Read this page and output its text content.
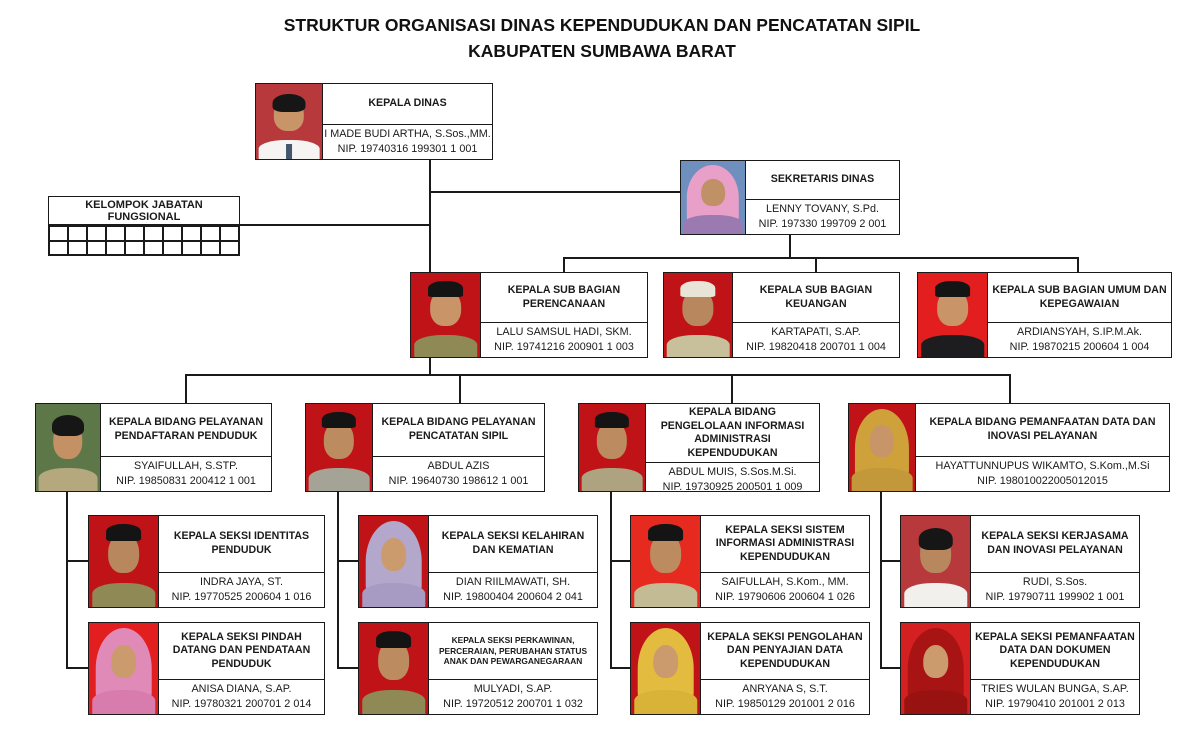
STRUKTUR ORGANISASI DINAS KEPENDUDUKAN DAN PENCATATAN SIPIL
KABUPATEN SUMBAWA BARAT
KELOMPOK JABATAN FUNGSIONAL
KEPALA DINAS
I MADE BUDI ARTHA, S.Sos.,MM.
NIP. 19740316 199301 1 001
SEKRETARIS DINAS
LENNY TOVANY, S.Pd.
NIP. 197330 199709 2 001
KEPALA SUB BAGIAN PERENCANAAN
LALU SAMSUL HADI, SKM.
NIP. 19741216 200901 1 003
KEPALA SUB BAGIAN KEUANGAN
KARTAPATI, S.AP.
NIP. 19820418 200701 1 004
KEPALA SUB BAGIAN UMUM DAN KEPEGAWAIAN
ARDIANSYAH, S.IP.M.Ak.
NIP. 19870215 200604 1 004
KEPALA BIDANG PELAYANAN PENDAFTARAN PENDUDUK
SYAIFULLAH, S.STP.
NIP. 19850831 200412 1 001
KEPALA BIDANG PELAYANAN PENCATATAN SIPIL
ABDUL AZIS
NIP. 19640730 198612 1 001
KEPALA BIDANG PENGELOLAAN INFORMASI ADMINISTRASI KEPENDUDUKAN
ABDUL MUIS, S.Sos.M.Si.
NIP. 19730925 200501 1 009
KEPALA BIDANG PEMANFAATAN DATA DAN INOVASI PELAYANAN
HAYATTUNNUPUS WIKAMTO, S.Kom.,M.Si
NIP. 198010022005012015
KEPALA SEKSI IDENTITAS PENDUDUK
INDRA JAYA, ST.
NIP. 19770525 200604 1 016
KEPALA SEKSI KELAHIRAN DAN KEMATIAN
DIAN RIILMAWATI, SH.
NIP. 19800404 200604 2 041
KEPALA SEKSI SISTEM INFORMASI ADMINISTRASI KEPENDUDUKAN
SAIFULLAH, S.Kom., MM.
NIP. 19790606 200604 1 026
KEPALA SEKSI KERJASAMA DAN INOVASI PELAYANAN
RUDI, S.Sos.
NIP. 19790711 199902 1 001
KEPALA SEKSI PINDAH DATANG DAN PENDATAAN PENDUDUK
ANISA DIANA, S.AP.
NIP. 19780321 200701 2 014
KEPALA SEKSI PERKAWINAN, PERCERAIAN, PERUBAHAN STATUS ANAK DAN PEWARGANEGARAAN
MULYADI, S.AP.
NIP. 19720512 200701 1 032
KEPALA SEKSI PENGOLAHAN DAN PENYAJIAN DATA KEPENDUDUKAN
ANRYANA S, S.T.
NIP. 19850129 201001 2 016
KEPALA SEKSI PEMANFAATAN DATA DAN DOKUMEN KEPENDUDUKAN
TRIES WULAN BUNGA, S.AP.
NIP. 19790410 201001 2 013
